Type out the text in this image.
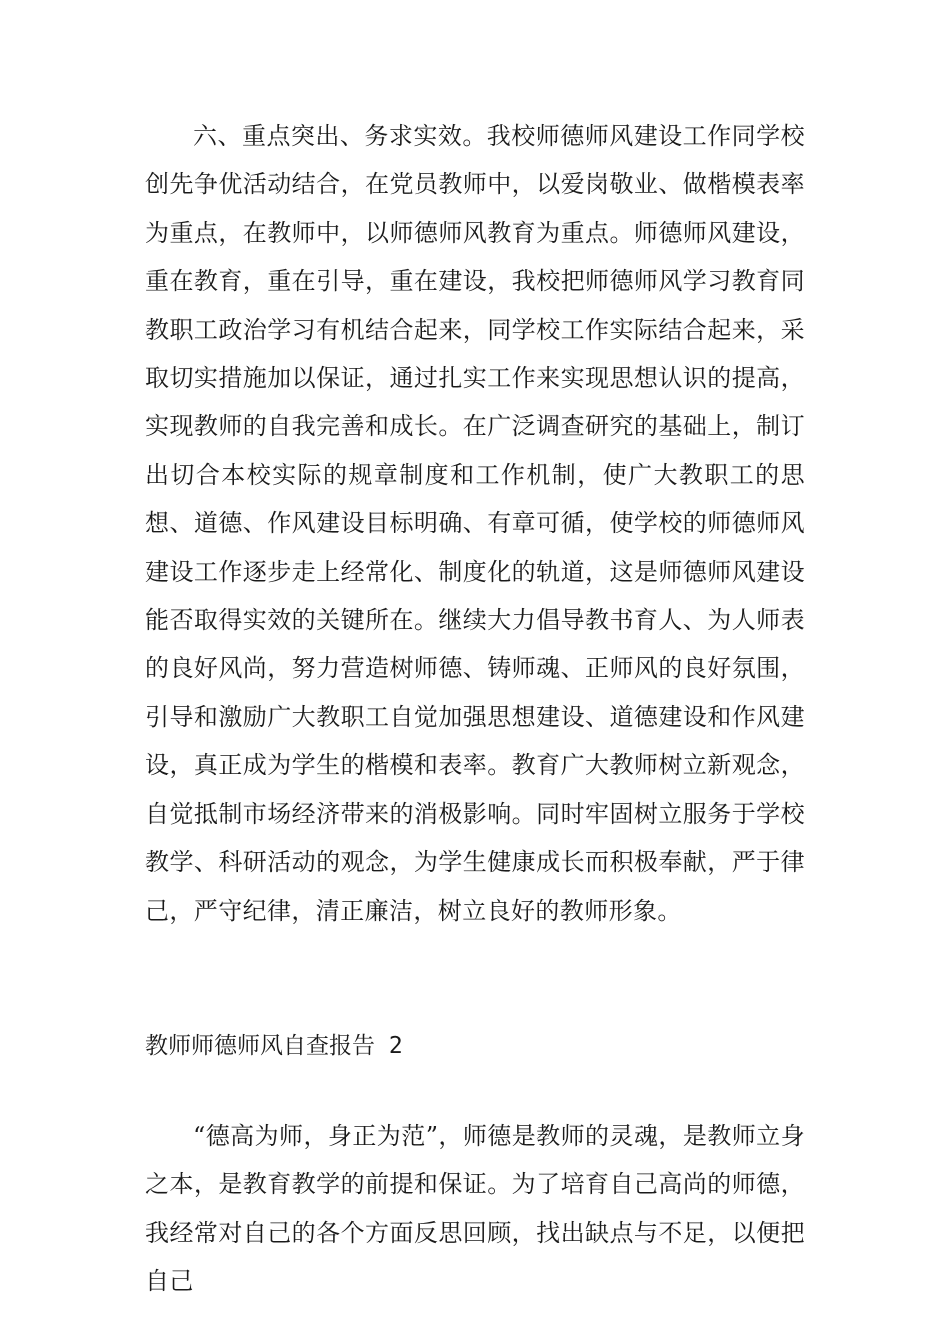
六、重点突出、务求实效。我校师德师风建设工作同学校创先争优活动结合，在党员教师中，以爱岗敬业、做楷模表率为重点，在教师中，以师德师风教育为重点。师德师风建设，重在教育，重在引导，重在建设，我校把师德师风学习教育同教职工政治学习有机结合起来，同学校工作实际结合起来，采取切实措施加以保证，通过扎实工作来实现思想认识的提高，实现教师的自我完善和成长。在广泛调查研究的基础上，制订出切合本校实际的规章制度和工作机制，使广大教职工的思想、道德、作风建设目标明确、有章可循，使学校的师德师风建设工作逐步走上经常化、制度化的轨道，这是师德师风建设能否取得实效的关键所在。继续大力倡导教书育人、为人师表的良好风尚，努力营造树师德、铸师魂、正师风的良好氛围，引导和激励广大教职工自觉加强思想建设、道德建设和作风建设，真正成为学生的楷模和表率。教育广大教师树立新观念，自觉抵制市场经济带来的消极影响。同时牢固树立服务于学校教学、科研活动的观念，为学生健康成长而积极奉献，严于律己，严守纪律，清正廉洁，树立良好的教师形象。

教师师德师风自查报告 2

“德高为师，身正为范”，师德是教师的灵魂，是教师立身之本，是教育教学的前提和保证。为了培育自己高尚的师德，我经常对自己的各个方面反思回顾，找出缺点与不足，以便把自己
